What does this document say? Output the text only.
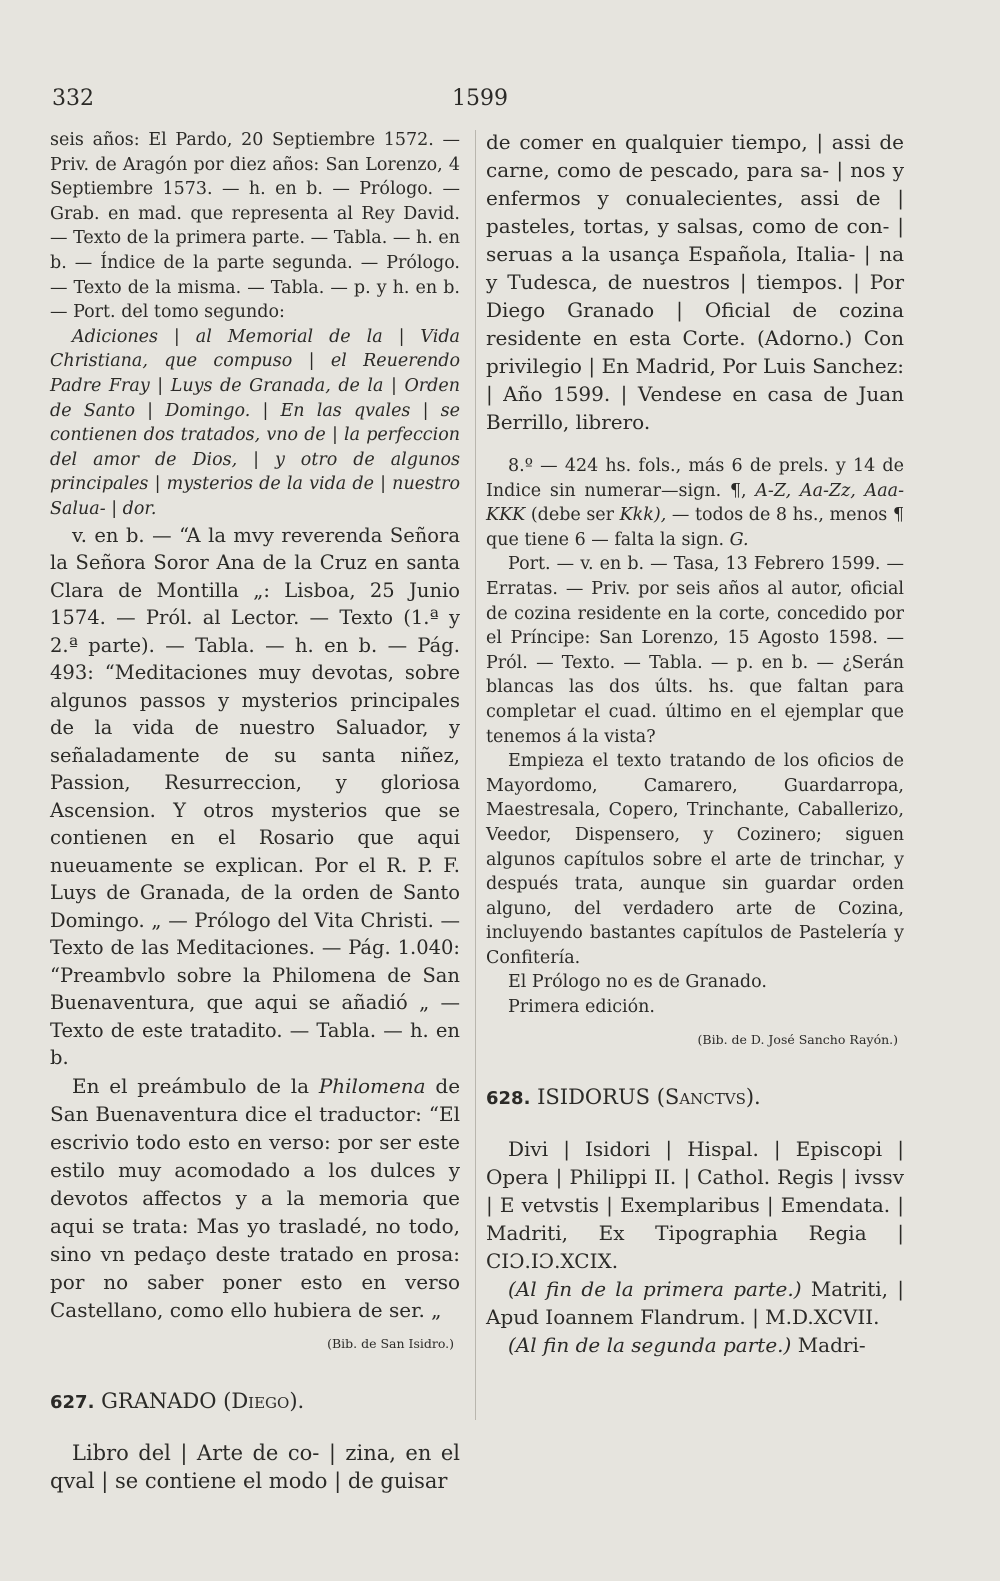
332	1599

seis años: El Pardo, 20 Septiembre 1572. — Priv. de Aragón por diez años: San Lorenzo, 4 Septiembre 1573. — h. en b. — Prólogo. — Grab. en mad. que representa al Rey David. — Texto de la primera parte. — Tabla. — h. en b. — Índice de la parte segunda. — Prólogo. — Texto de la misma. — Tabla. — p. y h. en b. — Port. del tomo segundo:

Adiciones | al Memorial de la | Vida Christiana, que compuso | el Reuerendo Padre Fray | Luys de Granada, de la | Orden de Santo | Domingo. | En las qvales | se contienen dos tratados, vno de | la perfeccion del amor de Dios, | y otro de algunos principales | mysterios de la vida de | nuestro Salua- | dor.

v. en b. — “A la mvy reverenda Señora la Señora Soror Ana de la Cruz en santa Clara de Montilla „: Lisboa, 25 Junio 1574. — Pról. al Lector. — Texto (1.ª y 2.ª parte). — Tabla. — h. en b. — Pág. 493: “Meditaciones muy devotas, sobre algunos passos y mysterios principales de la vida de nuestro Saluador, y señaladamente de su santa niñez, Passion, Resurreccion, y gloriosa Ascension. Y otros mysterios que se contienen en el Rosario que aqui nueuamente se explican. Por el R. P. F. Luys de Granada, de la orden de Santo Domingo. „ — Prólogo del Vita Christi. — Texto de las Meditaciones. — Pág. 1.040: “Preambvlo sobre la Philomena de San Buenaventura, que aqui se añadió „ — Texto de este tratadito. — Tabla. — h. en b.

En el preámbulo de la Philomena de San Buenaventura dice el traductor: “El escrivio todo esto en verso: por ser este estilo muy acomodado a los dulces y devotos affectos y a la memoria que aqui se trata: Mas yo trasladé, no todo, sino vn pedaço deste tratado en prosa: por no saber poner esto en verso Castellano, como ello hubiera de ser. „

(Bib. de San Isidro.)
627. GRANADO (Diego).

Libro del | Arte de co- | zina, en el qval | se contiene el modo | de guisar

de comer en qualquier tiempo, | assi de carne, como de pescado, para sa- | nos y enfermos y conualecientes, assi de | pasteles, tortas, y salsas, como de con- | seruas a la usança Española, Italia- | na y Tudesca, de nuestros | tiempos. | Por Diego Granado | Oficial de cozina residente en esta Corte. (Adorno.) Con privilegio | En Madrid, Por Luis Sanchez: | Año 1599. | Vendese en casa de Juan Berrillo, librero.

8.º — 424 hs. fols., más 6 de prels. y 14 de Indice sin numerar—sign. ¶, A-Z, Aa-Zz, Aaa-KKK (debe ser Kkk), — todos de 8 hs., menos ¶ que tiene 6 — falta la sign. G.

Port. — v. en b. — Tasa, 13 Febrero 1599. — Erratas. — Priv. por seis años al autor, oficial de cozina residente en la corte, concedido por el Príncipe: San Lorenzo, 15 Agosto 1598. — Pról. — Texto. — Tabla. — p. en b. — ¿Serán blancas las dos últs. hs. que faltan para completar el cuad. último en el ejemplar que tenemos á la vista?

Empieza el texto tratando de los oficios de Mayordomo, Camarero, Guardarropa, Maestresala, Copero, Trinchante, Caballerizo, Veedor, Dispensero, y Cozinero; siguen algunos capítulos sobre el arte de trinchar, y después trata, aunque sin guardar orden alguno, del verdadero arte de Cozina, incluyendo bastantes capítulos de Pastelería y Confitería.

El Prólogo no es de Granado.

Primera edición.

(Bib. de D. José Sancho Rayón.)
628. ISIDORUS (Sanctvs).

Divi | Isidori | Hispal. | Episcopi | Opera | Philippi II. | Cathol. Regis | ivssv | E vetvstis | Exemplaribus | Emendata. | Madriti, Ex Tipographia Regia | CIƆ.IƆ.XCIX.

(Al fin de la primera parte.) Matriti, | Apud Ioannem Flandrum. | M.D.XCVII.

(Al fin de la segunda parte.) Madri-
